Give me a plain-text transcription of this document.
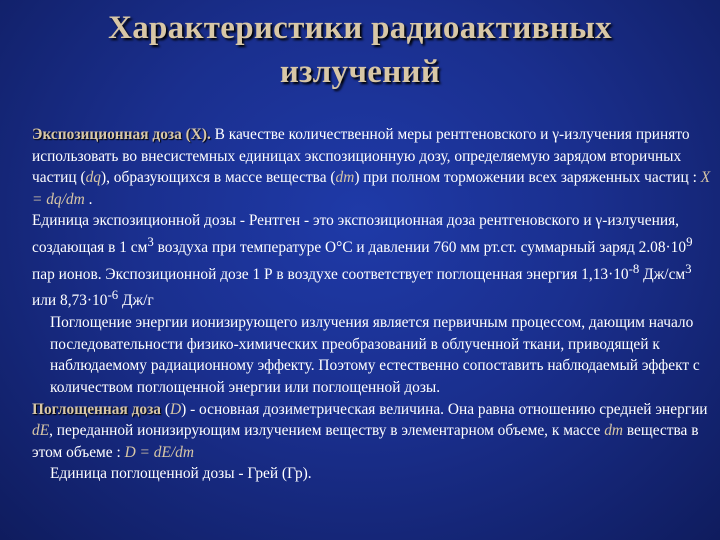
Характеристики радиоактивных
излучений

Экспозиционная доза (X). В качестве количественной меры рентгеновского и γ-излучения принято использовать во внесистемных единицах экспозиционную дозу, определяемую зарядом вторичных частиц (dq), образующихся в массе вещества (dm) при полном торможении всех заряженных частиц : X = dq/dm .

Единица экспозиционной дозы - Рентген - это экспозиционная доза рентгеновского и γ-излучения, создающая в 1 $см^3$ воздуха при температуре О°С и давлении 760 мм рт.ст. суммарный заряд $2.08\cdot 10^9$ пар ионов. Экспозиционной дозе 1 Р в воздухе соответствует поглощенная энергия $1,13\cdot 10^{-8}$ $Дж/см^3$ или $8,73\cdot 10^{-6}$ Дж/г

Поглощение энергии ионизирующего излучения является первичным процессом, дающим начало последовательности физико-химических преобразований в облученной ткани, приводящей к наблюдаемому радиационному эффекту. Поэтому естественно сопоставить наблюдаемый эффект с количеством поглощенной энергии или поглощенной дозы.

Поглощенная доза (D) - основная дозиметрическая величина. Она равна отношению средней энергии dE, переданной ионизирующим излучением веществу в элементарном объеме, к массе dm вещества в этом объеме : D = dE/dm

Единица поглощенной дозы - Грей (Гр).
